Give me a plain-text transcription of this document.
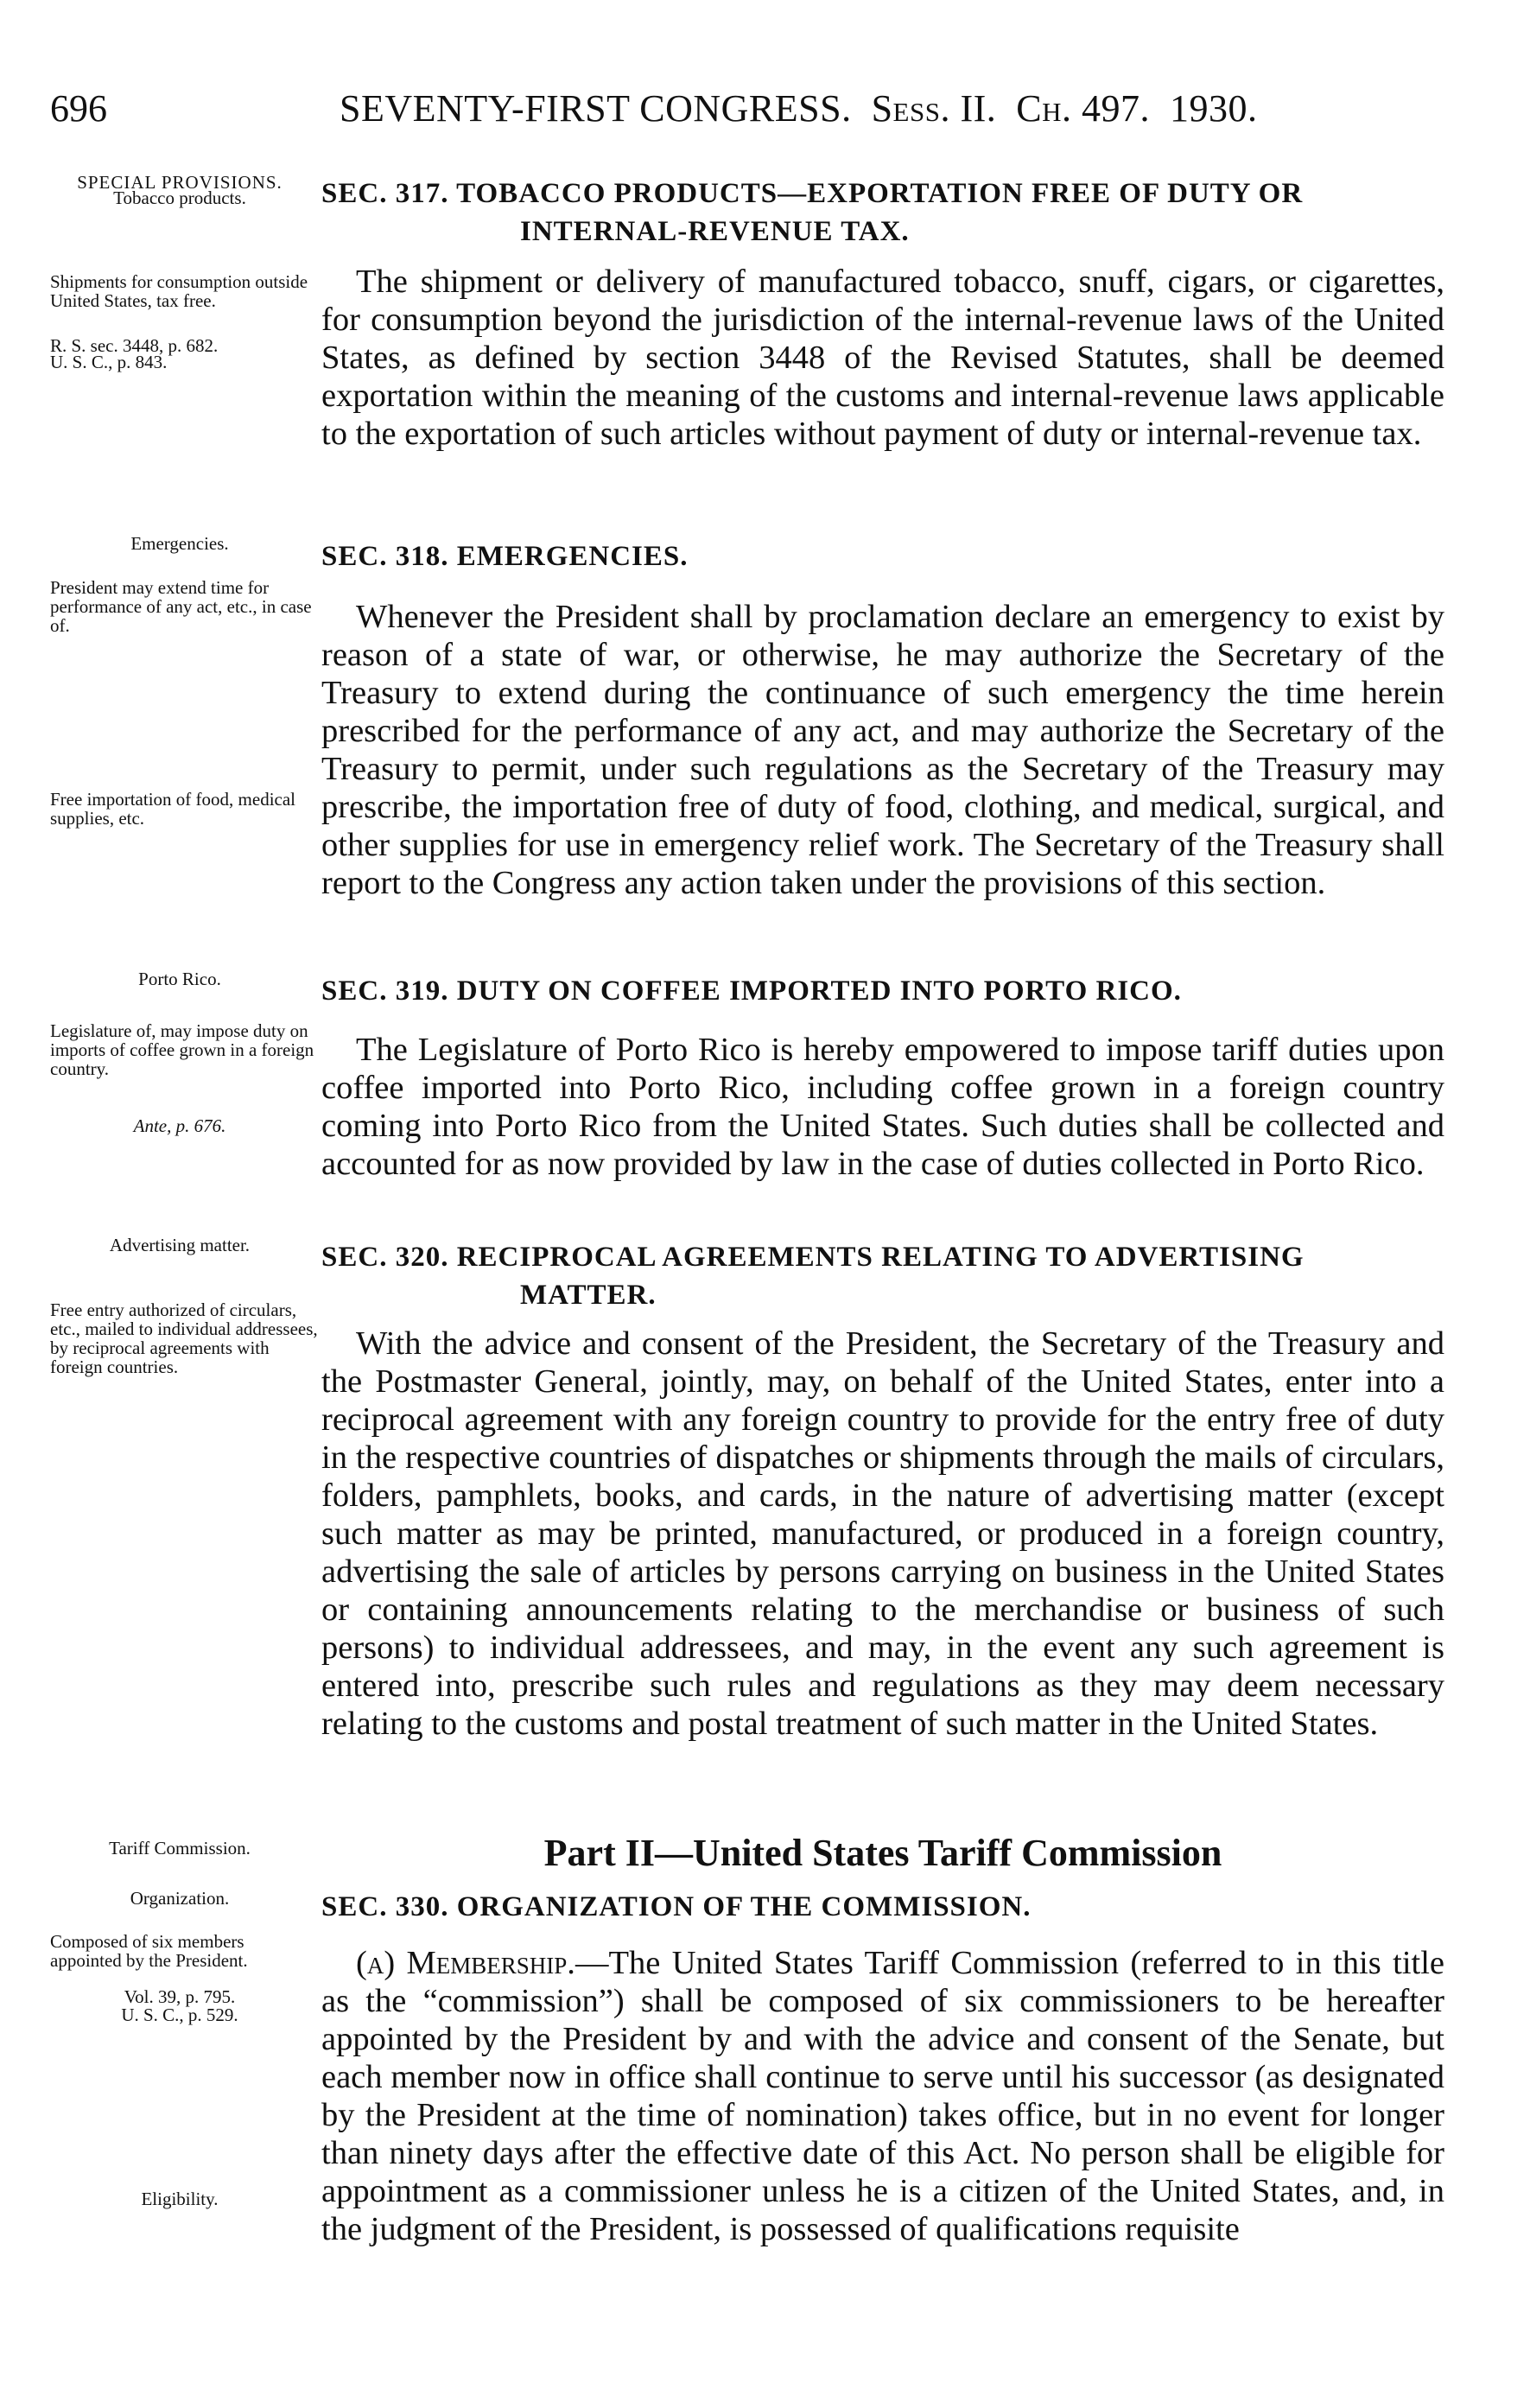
696	SEVENTY-FIRST CONGRESS. Sess. II. Ch. 497. 1930.
SPECIAL PROVISIONS.
Tobacco products.
Shipments for consumption outside United States, tax free.
R. S. sec. 3448, p. 682.
U. S. C., p. 843.
Emergencies.
President may extend time for performance of any act, etc., in case of.
Free importation of food, medical supplies, etc.
Porto Rico.
Legislature of, may impose duty on imports of coffee grown in a foreign country.
Ante, p. 676.
Advertising matter.
Free entry authorized of circulars, etc., mailed to individual addressees, by reciprocal agreements with foreign countries.
Tariff Commission.
Organization.
Composed of six members appointed by the President.
Vol. 39, p. 795.
U. S. C., p. 529.
Eligibility.
SEC. 317. TOBACCO PRODUCTS—EXPORTATION FREE OF DUTY OR
INTERNAL-REVENUE TAX.
The shipment or delivery of manufactured tobacco, snuff, cigars, or cigarettes, for consumption beyond the jurisdiction of the internal-revenue laws of the United States, as defined by section 3448 of the Revised Statutes, shall be deemed exportation within the meaning of the customs and internal-revenue laws applicable to the exportation of such articles without payment of duty or internal-revenue tax.
SEC. 318. EMERGENCIES.
Whenever the President shall by proclamation declare an emergency to exist by reason of a state of war, or otherwise, he may authorize the Secretary of the Treasury to extend during the continuance of such emergency the time herein prescribed for the performance of any act, and may authorize the Secretary of the Treasury to permit, under such regulations as the Secretary of the Treasury may prescribe, the importation free of duty of food, clothing, and medical, surgical, and other supplies for use in emergency relief work. The Secretary of the Treasury shall report to the Congress any action taken under the provisions of this section.
SEC. 319. DUTY ON COFFEE IMPORTED INTO PORTO RICO.
The Legislature of Porto Rico is hereby empowered to impose tariff duties upon coffee imported into Porto Rico, including coffee grown in a foreign country coming into Porto Rico from the United States. Such duties shall be collected and accounted for as now provided by law in the case of duties collected in Porto Rico.
SEC. 320. RECIPROCAL AGREEMENTS RELATING TO ADVERTISING
MATTER.
With the advice and consent of the President, the Secretary of the Treasury and the Postmaster General, jointly, may, on behalf of the United States, enter into a reciprocal agreement with any foreign country to provide for the entry free of duty in the respective countries of dispatches or shipments through the mails of circulars, folders, pamphlets, books, and cards, in the nature of advertising matter (except such matter as may be printed, manufactured, or produced in a foreign country, advertising the sale of articles by persons carrying on business in the United States or containing announcements relating to the merchandise or business of such persons) to individual addressees, and may, in the event any such agreement is entered into, prescribe such rules and regulations as they may deem necessary relating to the customs and postal treatment of such matter in the United States.
Part II—United States Tariff Commission
SEC. 330. ORGANIZATION OF THE COMMISSION.
(a) Membership.—The United States Tariff Commission (referred to in this title as the “commission”) shall be composed of six commissioners to be hereafter appointed by the President by and with the advice and consent of the Senate, but each member now in office shall continue to serve until his successor (as designated by the President at the time of nomination) takes office, but in no event for longer than ninety days after the effective date of this Act. No person shall be eligible for appointment as a commissioner unless he is a citizen of the United States, and, in the judgment of the President, is possessed of qualifications requisite
